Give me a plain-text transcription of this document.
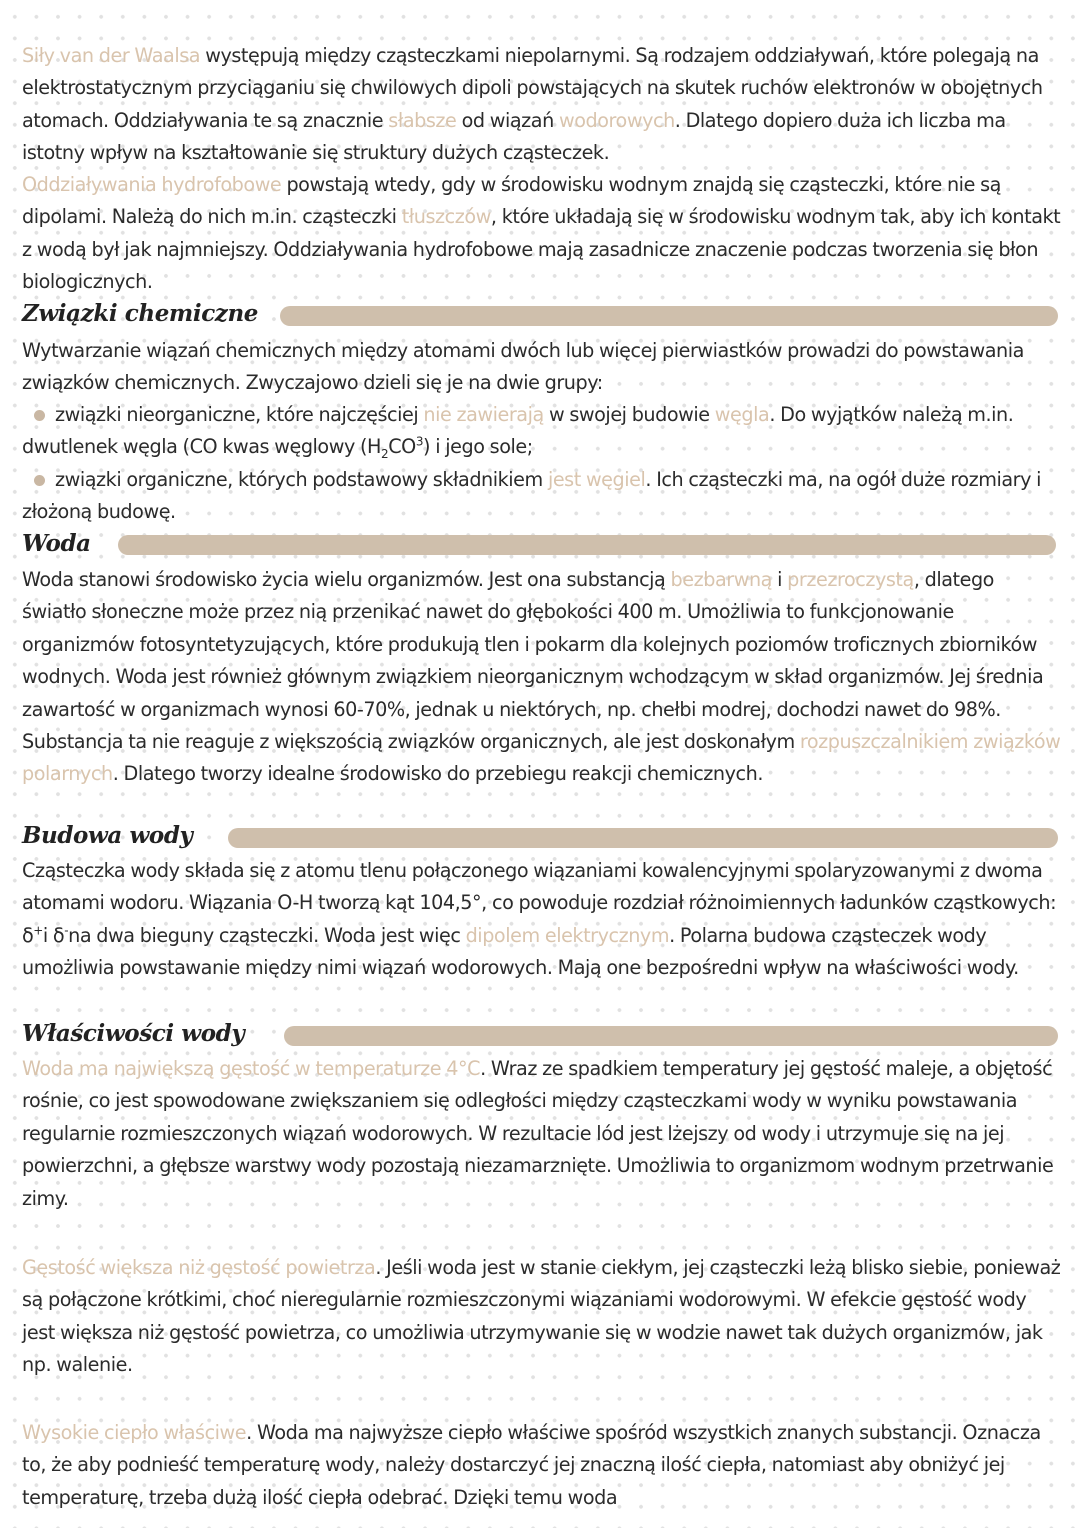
Siły van der Waalsa występują między cząsteczkami niepolarnymi. Są rodzajem oddziaływań, które polegają na elektrostatycznym przyciąganiu się chwilowych dipoli powstających na skutek ruchów elektronów w obojętnych atomach. Oddziaływania te są znacznie słabsze od wiązań wodorowych. Dlatego dopiero duża ich liczba ma istotny wpływ na kształtowanie się struktury dużych cząsteczek.

Oddziaływania hydrofobowe powstają wtedy, gdy w środowisku wodnym znajdą się cząsteczki, które nie są dipolami. Należą do nich m.in. cząsteczki tłuszczów, które układają się w środowisku wodnym tak, aby ich kontakt z wodą był jak najmniejszy. Oddziaływania hydrofobowe mają zasadnicze znaczenie podczas tworzenia się błon biologicznych.

Związki chemiczne

Wytwarzanie wiązań chemicznych między atomami dwóch lub więcej pierwiastków prowadzi do powstawania związków chemicznych. Zwyczajowo dzieli się je na dwie grupy:

związki nieorganiczne, które najczęściej nie zawierają w swojej budowie węgla. Do wyjątków należą m.in. dwutlenek węgla (CO kwas węglowy $(H_2CO^3)$ i jego sole;

związki organiczne, których podstawowy składnikiem jest węgiel. Ich cząsteczki ma, na ogół duże rozmiary i złożoną budowę.

Woda

Woda stanowi środowisko życia wielu organizmów. Jest ona substancją bezbarwną i przezroczystą, dlatego światło słoneczne może przez nią przenikać nawet do głębokości 400 m. Umożliwia to funkcjonowanie organizmów fotosyntetyzujących, które produkują tlen i pokarm dla kolejnych poziomów troficznych zbiorników wodnych. Woda jest również głównym związkiem nieorganicznym wchodzącym w skład organizmów. Jej średnia zawartość w organizmach wynosi 60-70%, jednak u niektórych, np. chełbi modrej, dochodzi nawet do 98%. Substancja ta nie reaguje z większością związków organicznych, ale jest doskonałym rozpuszczalnikiem związków polarnych. Dlatego tworzy idealne środowisko do przebiegu reakcji chemicznych.

Budowa wody

Cząsteczka wody składa się z atomu tlenu połączonego wiązaniami kowalencyjnymi spolaryzowanymi z dwoma atomami wodoru. Wiązania O-H tworzą kąt 104,5°, co powoduje rozdział różnoimiennych ładunków cząstkowych: δ+i δ-na dwa bieguny cząsteczki. Woda jest więc dipolem elektrycznym. Polarna budowa cząsteczek wody umożliwia powstawanie między nimi wiązań wodorowych. Mają one bezpośredni wpływ na właściwości wody.

Właściwości wody

Woda ma największą gęstość w temperaturze 4°C. Wraz ze spadkiem temperatury jej gęstość maleje, a objętość rośnie, co jest spowodowane zwiększaniem się odległości między cząsteczkami wody w wyniku powstawania regularnie rozmieszczonych wiązań wodorowych. W rezultacie lód jest lżejszy od wody i utrzymuje się na jej powierzchni, a głębsze warstwy wody pozostają niezamarznięte. Umożliwia to organizmom wodnym przetrwanie zimy.

Gęstość większa niż gęstość powietrza. Jeśli woda jest w stanie ciekłym, jej cząsteczki leżą blisko siebie, ponieważ są połączone krótkimi, choć nieregularnie rozmieszczonymi wiązaniami wodorowymi. W efekcie gęstość wody jest większa niż gęstość powietrza, co umożliwia utrzymywanie się w wodzie nawet tak dużych organizmów, jak np. walenie.

Wysokie ciepło właściwe. Woda ma najwyższe ciepło właściwe spośród wszystkich znanych substancji. Oznacza to, że aby podnieść temperaturę wody, należy dostarczyć jej znaczną ilość ciepła, natomiast aby obniżyć jej temperaturę, trzeba dużą ilość ciepła odebrać. Dzięki temu woda
